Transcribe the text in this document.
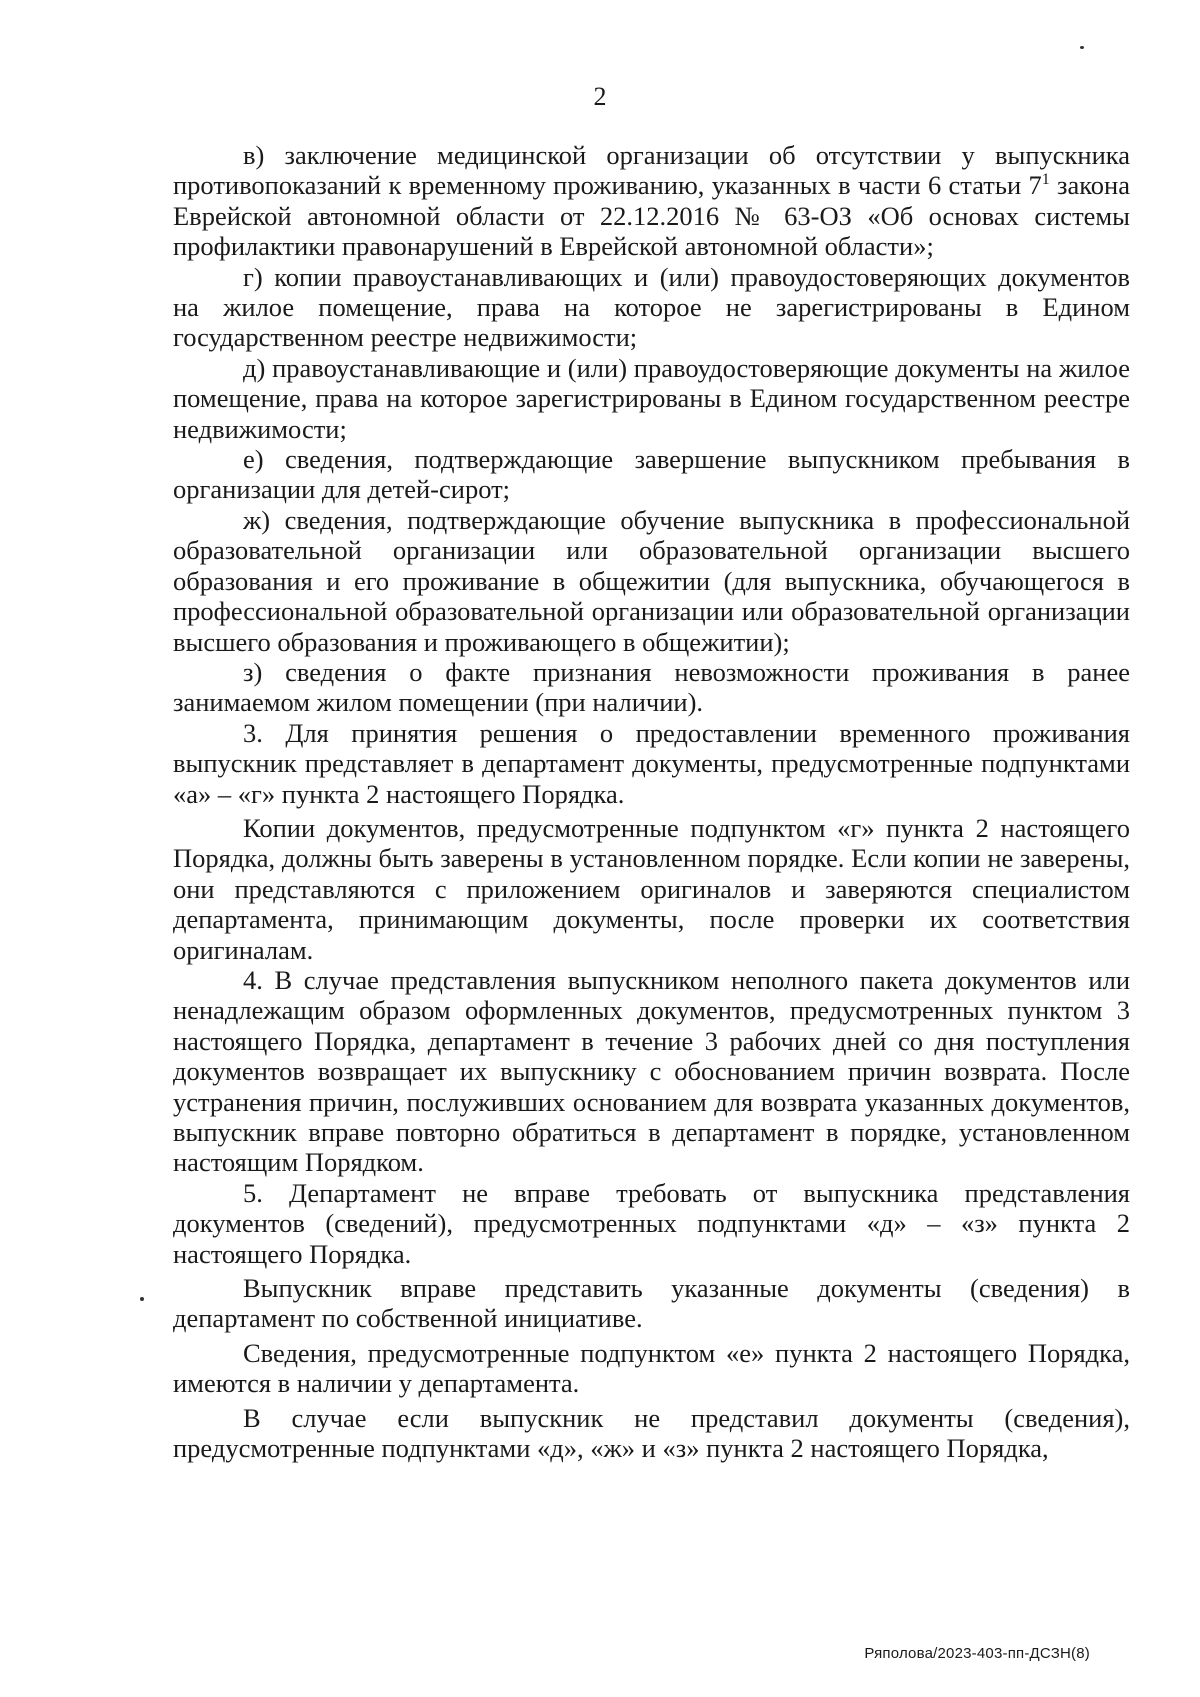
2

в) заключение медицинской организации об отсутствии у выпускника противопоказаний к временному проживанию, указанных в части 6 статьи $7^1$ закона Еврейской автономной области от 22.12.2016 № 63-ОЗ «Об основах системы профилактики правонарушений в Еврейской автономной области»;

г) копии правоустанавливающих и (или) правоудостоверяющих документов на жилое помещение, права на которое не зарегистрированы в Едином государственном реестре недвижимости;

д) правоустанавливающие и (или) правоудостоверяющие документы на жилое помещение, права на которое зарегистрированы в Едином государственном реестре недвижимости;

е) сведения, подтверждающие завершение выпускником пребывания в организации для детей-сирот;

ж) сведения, подтверждающие обучение выпускника в профессиональной образовательной организации или образовательной организации высшего образования и его проживание в общежитии (для выпускника, обучающегося в профессиональной образовательной организации или образовательной организации высшего образования и проживающего в общежитии);

з) сведения о факте признания невозможности проживания в ранее занимаемом жилом помещении (при наличии).

3. Для принятия решения о предоставлении временного проживания выпускник представляет в департамент документы, предусмотренные подпунктами «а» – «г» пункта 2 настоящего Порядка.

Копии документов, предусмотренные подпунктом «г» пункта 2 настоящего Порядка, должны быть заверены в установленном порядке. Если копии не заверены, они представляются с приложением оригиналов и заверяются специалистом департамента, принимающим документы, после проверки их соответствия оригиналам.

4. В случае представления выпускником неполного пакета документов или ненадлежащим образом оформленных документов, предусмотренных пунктом 3 настоящего Порядка, департамент в течение 3 рабочих дней со дня поступления документов возвращает их выпускнику с обоснованием причин возврата. После устранения причин, послуживших основанием для возврата указанных документов, выпускник вправе повторно обратиться в департамент в порядке, установленном настоящим Порядком.

5. Департамент не вправе требовать от выпускника представления документов (сведений), предусмотренных подпунктами «д» – «з» пункта 2 настоящего Порядка.

Выпускник вправе представить указанные документы (сведения) в департамент по собственной инициативе.

Сведения, предусмотренные подпунктом «е» пункта 2 настоящего Порядка, имеются в наличии у департамента.

В случае если выпускник не представил документы (сведения), предусмотренные подпунктами «д», «ж» и «з» пункта 2 настоящего Порядка,

Ряполова/2023-403-пп-ДСЗН(8)
